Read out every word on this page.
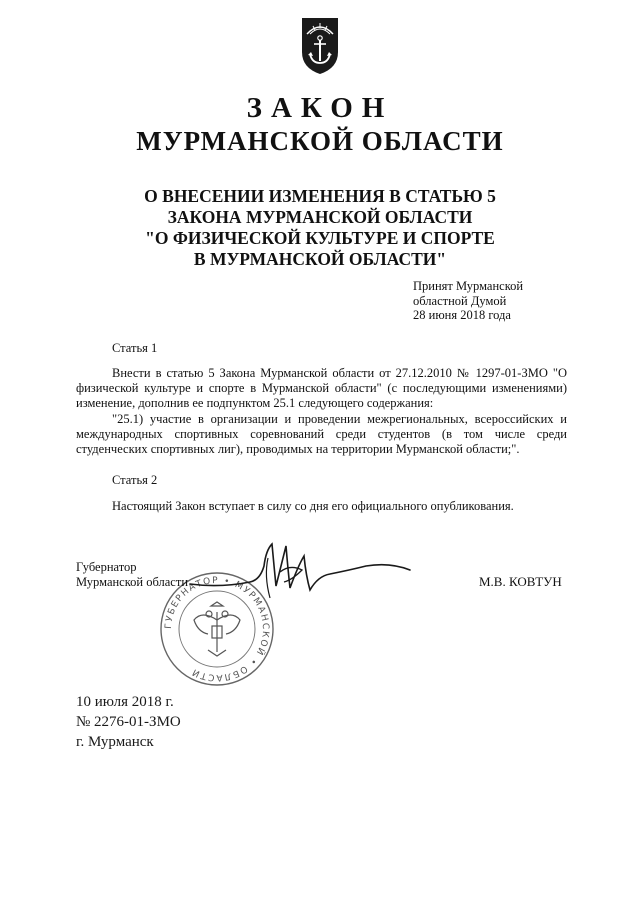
ЗАКОН
МУРМАНСКОЙ ОБЛАСТИ
О ВНЕСЕНИИ ИЗМЕНЕНИЯ В СТАТЬЮ 5
ЗАКОНА МУРМАНСКОЙ ОБЛАСТИ
"О ФИЗИЧЕСКОЙ КУЛЬТУРЕ И СПОРТЕ
В МУРМАНСКОЙ ОБЛАСТИ"
Принят Мурманской
областной Думой
28 июня 2018 года
Статья 1
Внести в статью 5 Закона Мурманской области от 27.12.2010 № 1297-01-ЗМО "О физической культуре и спорте в Мурманской области" (с последующими изменениями) изменение, дополнив ее подпунктом 25.1 следующего содержания:
"25.1) участие в организации и проведении межрегиональных, всероссийских и международных спортивных соревнований среди студентов (в том числе среди студенческих спортивных лиг), проводимых на территории Мурманской области;".
Статья 2
Настоящий Закон вступает в силу со дня его официального опубликования.
ГУБЕРНАТОР • МУРМАНСКОЙ • ОБЛАСТИ
Губернатор
Мурманской области	М.В. КОВТУН
10 июля 2018 г.
№ 2276-01-ЗМО
г. Мурманск
